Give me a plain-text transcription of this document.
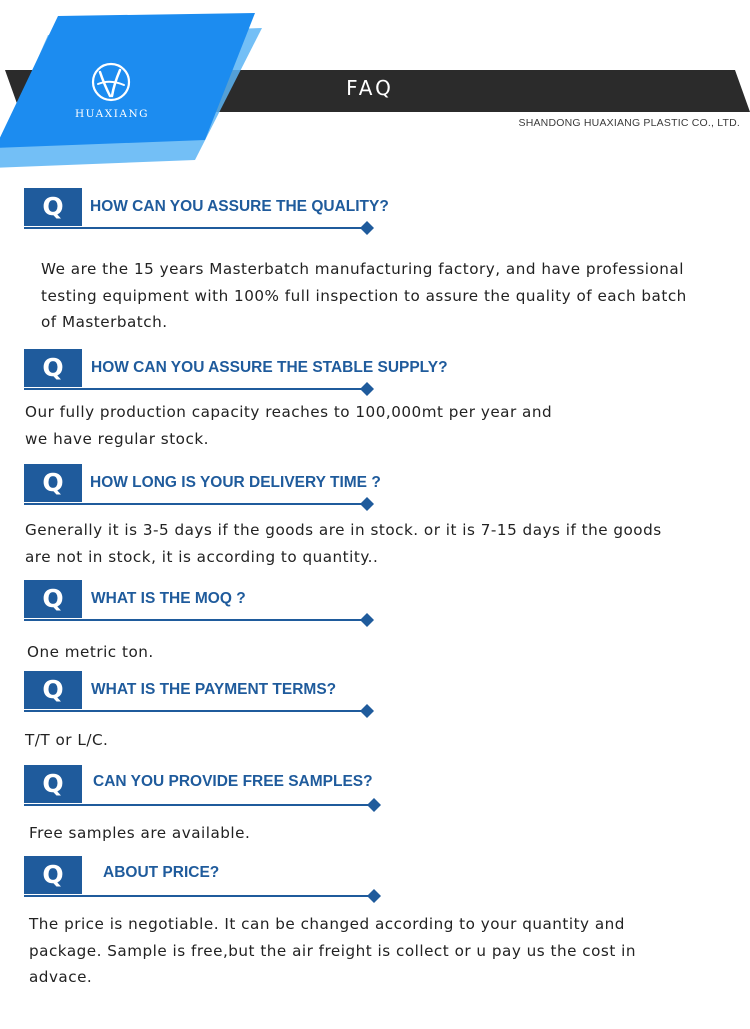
HUAXIANG
FAQ
SHANDONG HUAXIANG PLASTIC CO., LTD.
Q	HOW CAN YOU ASSURE THE QUALITY?
We are the 15 years Masterbatch manufacturing factory, and have professional
testing equipment with 100% full inspection to assure the quality of each batch
of Masterbatch.
Q	HOW CAN YOU ASSURE THE STABLE SUPPLY?
Our fully production capacity reaches to 100,000mt per year and
we have regular stock.
Q	HOW LONG IS YOUR DELIVERY TIME ?
Generally it is 3-5 days if the goods are in stock. or it is 7-15 days if the goods
are not in stock, it is according to quantity..
Q	WHAT IS THE MOQ ?
One metric ton.
Q	WHAT IS THE PAYMENT TERMS?
T/T or L/C.
Q	CAN YOU PROVIDE FREE SAMPLES?
Free samples are available.
Q	ABOUT PRICE?
The price is negotiable. It can be changed according to your quantity and
package. Sample is free,but the air freight is collect or u pay us the cost in
advace.
